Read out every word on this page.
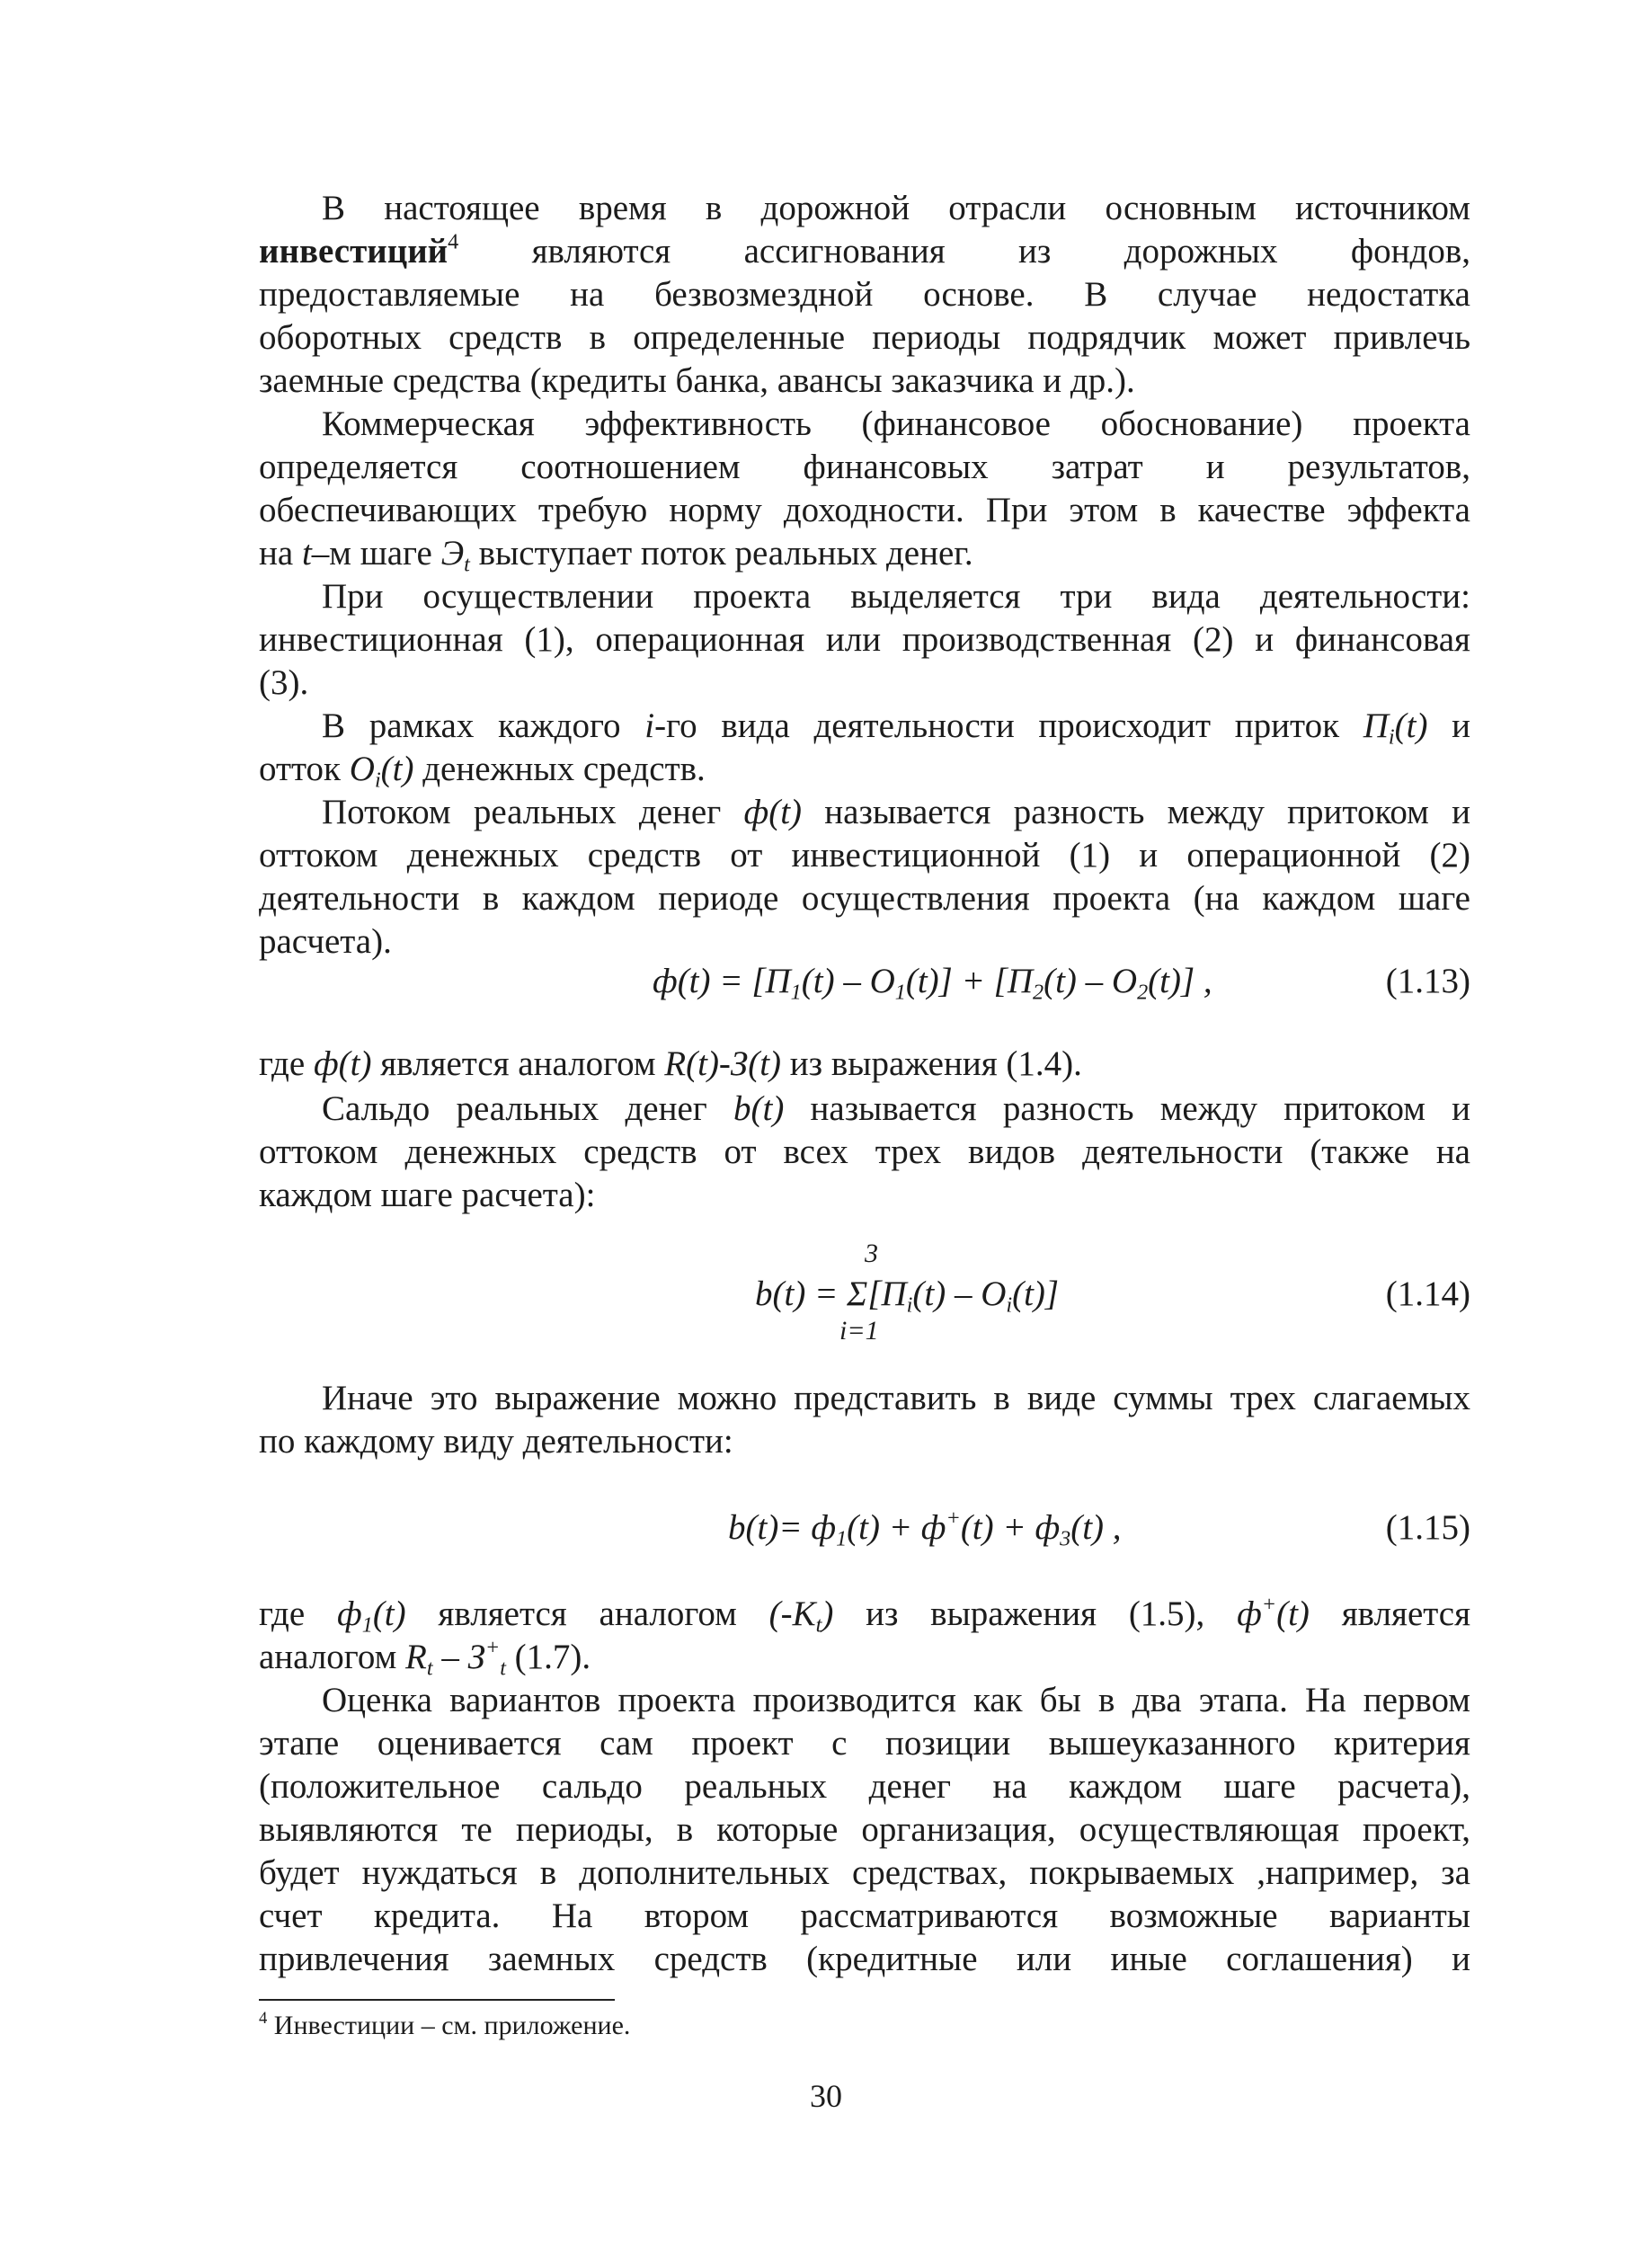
В настоящее время в дорожной отрасли основным источником
инвестиций$^4$ являются ассигнования из дорожных фондов,
предоставляемые на безвозмездной основе. В случае недостатка
оборотных средств в определенные периоды подрядчик может привлечь
заемные средства (кредиты банка, авансы заказчика и др.).
Коммерческая эффективность (финансовое обоснование) проекта
определяется соотношением финансовых затрат и результатов,
обеспечивающих требую норму доходности. При этом в качестве эффекта
на t–м шаге $Э_t$ выступает поток реальных денег.
При осуществлении проекта выделяется три вида деятельности:
инвестиционная (1), операционная или производственная (2) и финансовая
(3).
В рамках каждого i-го вида деятельности происходит приток $П_i(t)$ и
отток $O_i(t)$ денежных средств.
Потоком реальных денег ф(t) называется разность между притоком и
оттоком денежных средств от инвестиционной (1) и операционной (2)
деятельности в каждом периоде осуществления проекта (на каждом шаге
расчета).
$ф(t) = [П_1(t) - O_1(t)] + [П_2(t) - O_2(t)]$ ,	(1.13)
где ф(t) является аналогом R(t)-З(t) из выражения (1.4).
Сальдо реальных денег b(t) называется разность между притоком и
оттоком денежных средств от всех трех видов деятельности (также на
каждом шаге расчета):
3
$b(t) = \Sigma[П_i(t) - O_i(t)]$
i=1
(1.14)
Иначе это выражение можно представить в виде суммы трех слагаемых
по каждому виду деятельности:
$b(t)= ф_1(t) + ф^+(t) + ф_3(t)$ ,	(1.15)
где $ф_1(t)$ является аналогом $(-K_t)$ из выражения (1.5), ф+(t) является
аналогом $R_t - З^+_t$ (1.7).
Оценка вариантов проекта производится как бы в два этапа. На первом
этапе оценивается сам проект с позиции вышеуказанного критерия
(положительное сальдо реальных денег на каждом шаге расчета),
выявляются те периоды, в которые организация, осуществляющая проект,
будет нуждаться в дополнительных средствах, покрываемых ,например, за
счет кредита. На втором рассматриваются возможные варианты
привлечения заемных средств (кредитные или иные соглашения) и
$^4$ Инвестиции – см. приложение.
30
